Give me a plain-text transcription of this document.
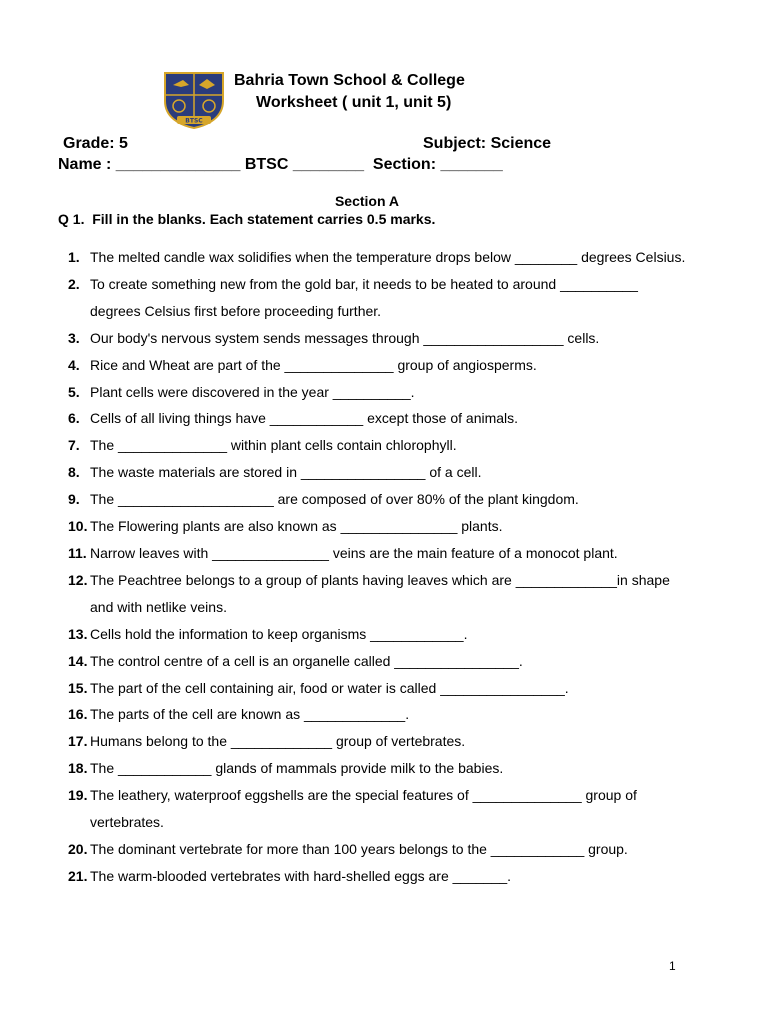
BTSC
Bahria Town School & College
Worksheet ( unit 1, unit 5)
Grade: 5	Subject: Science
Name : ______________ BTSC ________  Section: _______
Section A
Q 1.  Fill in the blanks. Each statement carries 0.5 marks.
1. The melted candle wax solidifies when the temperature drops below ________ degrees Celsius.
2. To create something new from the gold bar, it needs to be heated to around __________ degrees Celsius first before proceeding further.
3. Our body's nervous system sends messages through __________________ cells.
4. Rice and Wheat are part of the ______________ group of angiosperms.
5. Plant cells were discovered in the year __________.
6. Cells of all living things have ____________ except those of animals.
7. The ______________ within plant cells contain chlorophyll.
8. The waste materials are stored in ________________ of a cell.
9. The ____________________ are composed of over 80% of the plant kingdom.
10. The Flowering plants are also known as _______________ plants.
11. Narrow leaves with _______________ veins are the main feature of a monocot plant.
12. The Peachtree belongs to a group of plants having leaves which are _____________in shape and with netlike veins.
13. Cells hold the information to keep organisms ____________.
14. The control centre of a cell is an organelle called ________________.
15. The part of the cell containing air, food or water is called ________________.
16. The parts of the cell are known as _____________.
17. Humans belong to the _____________ group of vertebrates.
18. The ____________ glands of mammals provide milk to the babies.
19. The leathery, waterproof eggshells are the special features of ______________ group of vertebrates.
20. The dominant vertebrate for more than 100 years belongs to the ____________ group.
21. The warm-blooded vertebrates with hard-shelled eggs are _______.
1
